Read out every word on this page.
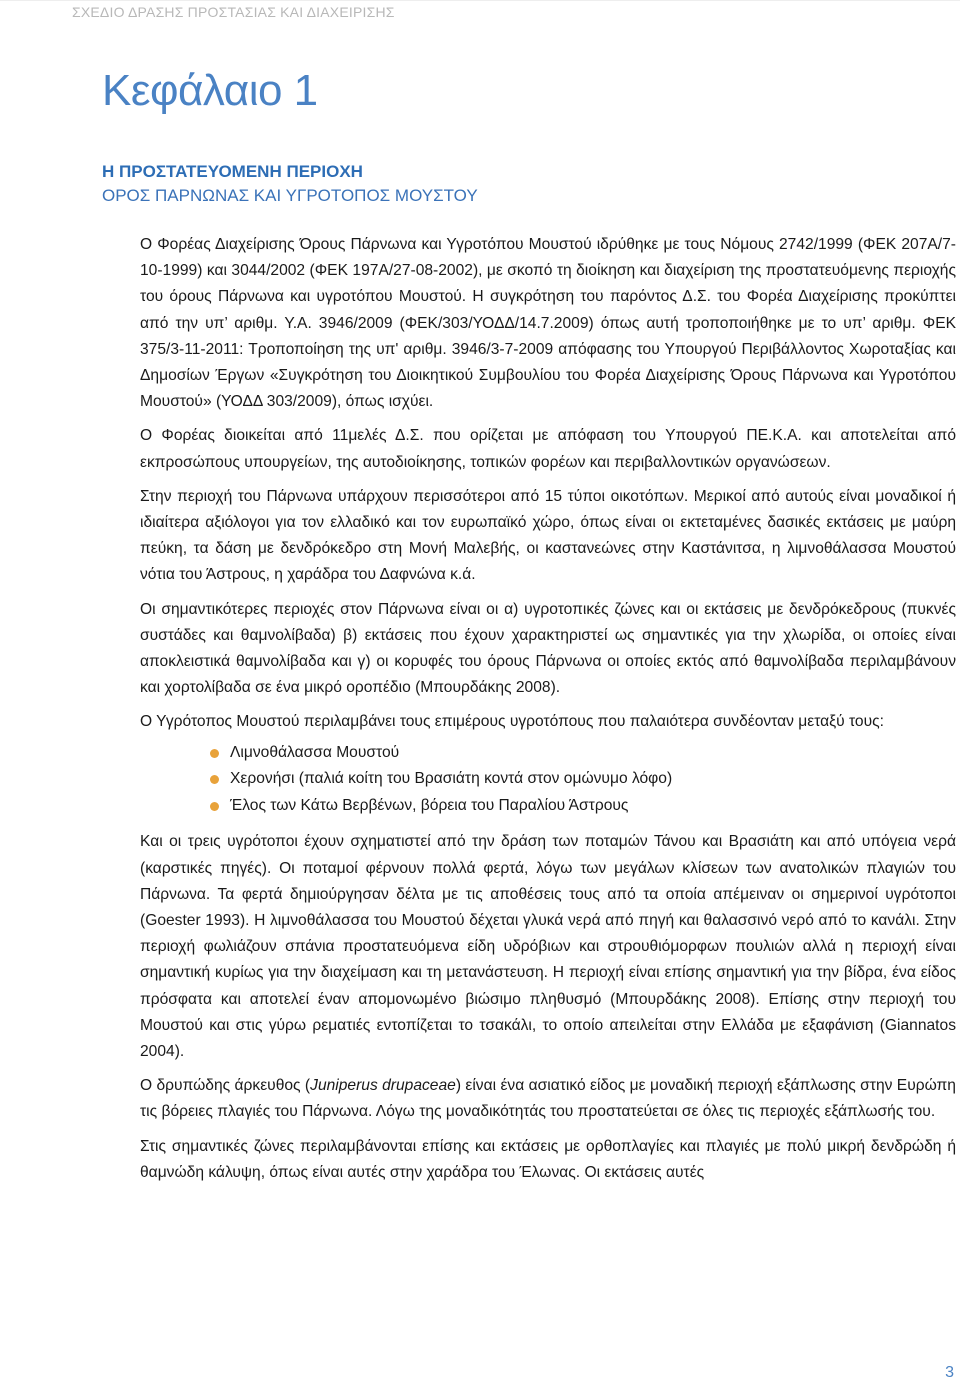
ΣΧΕΔΙΟ ΔΡΑΣΗΣ ΠΡΟΣΤΑΣΙΑΣ ΚΑΙ ΔΙΑΧΕΙΡΙΣΗΣ
Κεφάλαιο 1
Η ΠΡΟΣΤΑΤΕΥΟΜΕΝΗ ΠΕΡΙΟΧΗ
ΟΡΟΣ ΠΑΡΝΩΝΑΣ ΚΑΙ ΥΓΡΟΤΟΠΟΣ ΜΟΥΣΤΟΥ

Ο Φορέας Διαχείρισης Όρους Πάρνωνα και Υγροτόπου Μουστού ιδρύθηκε με τους Νόμους 2742/1999 (ΦΕΚ 207Α/7-10-1999) και 3044/2002 (ΦΕΚ 197Α/27-08-2002), με σκοπό τη διοίκηση και διαχείριση της προστατευόμενης περιοχής του όρους Πάρνωνα και υγροτόπου Μουστού. Η συγκρότηση του παρόντος Δ.Σ. του Φορέα Διαχείρισης προκύπτει από την υπ’ αριθμ. Υ.Α. 3946/2009 (ΦΕΚ/303/ΥΟΔΔ/14.7.2009) όπως αυτή τροποποιήθηκε με το υπ’ αριθμ. ΦΕΚ 375/3-11-2011: Τροποποίηση της υπ' αριθμ. 3946/3-7-2009 απόφασης του Υπουργού Περιβάλλοντος Χωροταξίας και Δημοσίων Έργων «Συγκρότηση του Διοικητικού Συμβουλίου του Φορέα Διαχείρισης Όρους Πάρνωνα και Υγροτόπου Μουστού» (ΥΟΔΔ 303/2009), όπως ισχύει.

Ο Φορέας διοικείται από 11μελές Δ.Σ. που ορίζεται με απόφαση του Υπουργού ΠΕ.Κ.Α. και αποτελείται από εκπροσώπους υπουργείων, της αυτοδιοίκησης, τοπικών φορέων και περιβαλλοντικών οργανώσεων.

Στην περιοχή του Πάρνωνα υπάρχουν περισσότεροι από 15 τύποι οικοτόπων. Μερικοί από αυτούς είναι μοναδικοί ή ιδιαίτερα αξιόλογοι για τον ελλαδικό και τον ευρωπαϊκό χώρο, όπως είναι οι εκτεταμένες δασικές εκτάσεις με μαύρη πεύκη, τα δάση με δενδρόκεδρο στη Μονή Μαλεβής, οι καστανεώνες στην Καστάνιτσα, η λιμνοθάλασσα Μουστού νότια του Άστρους, η χαράδρα του Δαφνώνα κ.ά.

Οι σημαντικότερες περιοχές στον Πάρνωνα είναι οι α) υγροτοπικές ζώνες και οι εκτάσεις με δενδρόκεδρους (πυκνές συστάδες και θαμνολίβαδα) β) εκτάσεις που έχουν χαρακτηριστεί ως σημαντικές για την χλωρίδα, οι οποίες είναι αποκλειστικά θαμνολίβαδα και γ) οι κορυφές του όρους Πάρνωνα οι οποίες εκτός από θαμνολίβαδα περιλαμβάνουν και χορτολίβαδα σε ένα μικρό οροπέδιο (Μπουρδάκης 2008).

Ο Υγρότοπος Μουστού περιλαμβάνει τους επιμέρους υγροτόπους που παλαιότερα συνδέονταν μεταξύ τους:

Λιμνοθάλασσα Μουστού
Χερονήσι (παλιά κοίτη του Βρασιάτη κοντά στον ομώνυμο λόφο)
Έλος των Κάτω Βερβένων, βόρεια του Παραλίου Άστρους

Και οι τρεις υγρότοποι έχουν σχηματιστεί από την δράση των ποταμών Τάνου και Βρασιάτη και από υπόγεια νερά (καρστικές πηγές). Οι ποταμοί φέρνουν πολλά φερτά, λόγω των μεγάλων κλίσεων των ανατολικών πλαγιών του Πάρνωνα. Τα φερτά δημιούργησαν δέλτα με τις αποθέσεις τους από τα οποία απέμειναν οι σημερινοί υγρότοποι (Goester 1993). Η λιμνοθάλασσα του Μουστού δέχεται γλυκά νερά από πηγή και θαλασσινό νερό από το κανάλι. Στην περιοχή φωλιάζουν σπάνια προστατευόμενα είδη υδρόβιων και στρουθιόμορφων πουλιών αλλά η περιοχή είναι σημαντική κυρίως για την διαχείμαση και τη μετανάστευση. Η περιοχή είναι επίσης σημαντική για την βίδρα, ένα είδος πρόσφατα και αποτελεί έναν απομονωμένο βιώσιμο πληθυσμό (Μπουρδάκης 2008). Επίσης στην περιοχή του Μουστού και στις γύρω ρεματιές εντοπίζεται το τσακάλι, το οποίο απειλείται στην Ελλάδα με εξαφάνιση (Giannatos 2004).

Ο δρυπώδης άρκευθος (Juniperus drupaceae) είναι ένα ασιατικό είδος με μοναδική περιοχή εξάπλωσης στην Ευρώπη τις βόρειες πλαγιές του Πάρνωνα. Λόγω της μοναδικότητάς του προστατεύεται σε όλες τις περιοχές εξάπλωσής του.

Στις σημαντικές ζώνες περιλαμβάνονται επίσης και εκτάσεις με ορθοπλαγίες και πλαγιές με πολύ μικρή δενδρώδη ή θαμνώδη κάλυψη, όπως είναι αυτές στην χαράδρα του Έλωνας. Οι εκτάσεις αυτές

3
